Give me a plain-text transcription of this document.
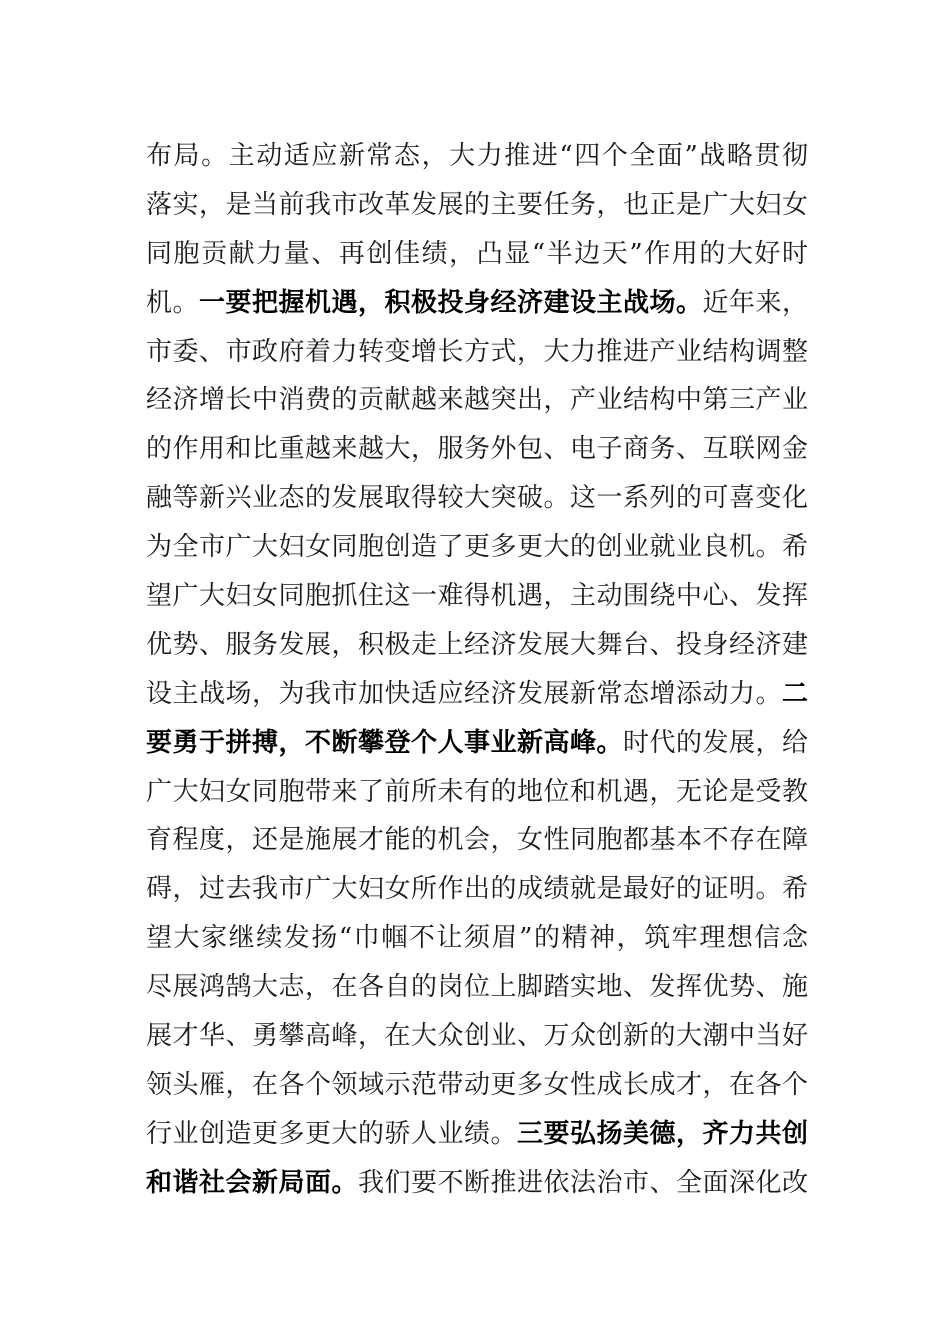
布局。主动适应新常态，大力推进“四个全面”战略贯彻
落实，是当前我市改革发展的主要任务，也正是广大妇女
同胞贡献力量、再创佳绩，凸显“半边天”作用的大好时
机。一要把握机遇，积极投身经济建设主战场。近年来，
市委、市政府着力转变增长方式，大力推进产业结构调整
经济增长中消费的贡献越来越突出，产业结构中第三产业
的作用和比重越来越大，服务外包、电子商务、互联网金
融等新兴业态的发展取得较大突破。这一系列的可喜变化
为全市广大妇女同胞创造了更多更大的创业就业良机。希
望广大妇女同胞抓住这一难得机遇，主动围绕中心、发挥
优势、服务发展，积极走上经济发展大舞台、投身经济建
设主战场，为我市加快适应经济发展新常态增添动力。二
要勇于拼搏，不断攀登个人事业新高峰。时代的发展，给
广大妇女同胞带来了前所未有的地位和机遇，无论是受教
育程度，还是施展才能的机会，女性同胞都基本不存在障
碍，过去我市广大妇女所作出的成绩就是最好的证明。希
望大家继续发扬“巾帼不让须眉”的精神，筑牢理想信念
尽展鸿鹄大志，在各自的岗位上脚踏实地、发挥优势、施
展才华、勇攀高峰，在大众创业、万众创新的大潮中当好
领头雁，在各个领域示范带动更多女性成长成才，在各个
行业创造更多更大的骄人业绩。三要弘扬美德，齐力共创
和谐社会新局面。我们要不断推进依法治市、全面深化改
